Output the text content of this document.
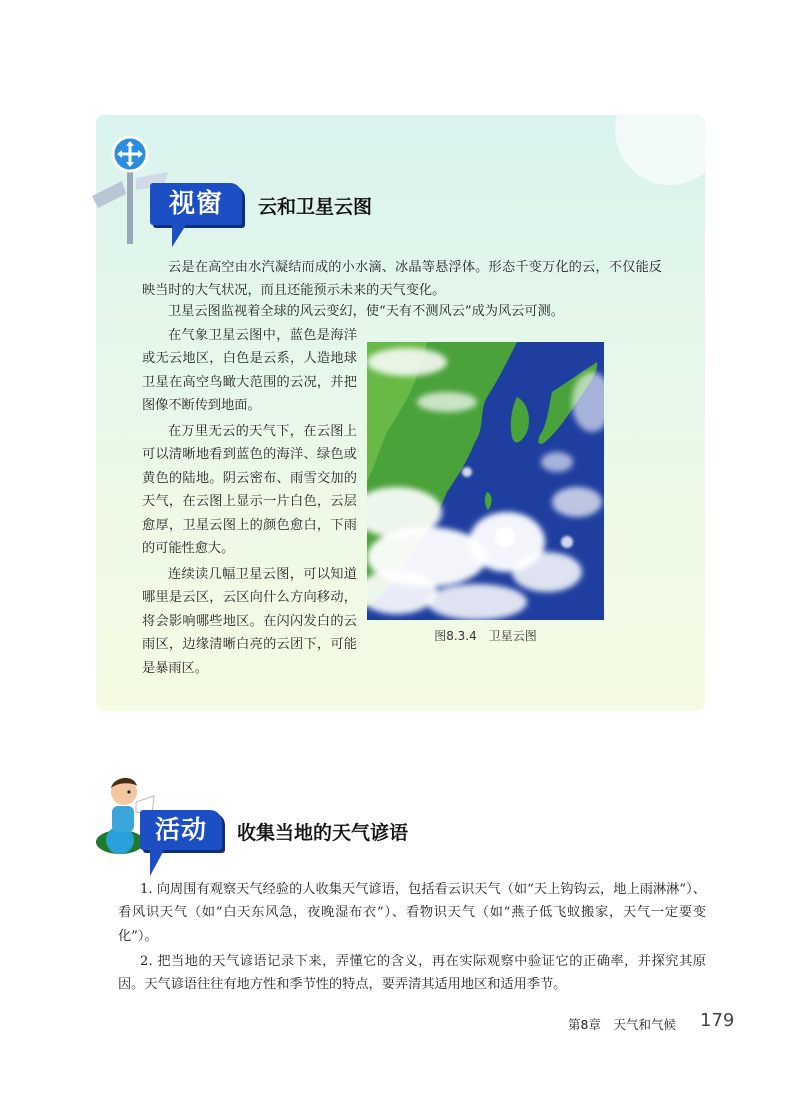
视窗	云和卫星云图

云是在高空由水汽凝结而成的小水滴、冰晶等悬浮体。形态千变万化的云，不仅能反映当时的大气状况，而且还能预示未来的天气变化。

卫星云图监视着全球的风云变幻，使“天有不测风云”成为风云可测。

在气象卫星云图中，蓝色是海洋或无云地区，白色是云系，人造地球卫星在高空鸟瞰大范围的云况，并把图像不断传到地面。

在万里无云的天气下，在云图上可以清晰地看到蓝色的海洋、绿色或黄色的陆地。阴云密布、雨雪交加的天气，在云图上显示一片白色，云层愈厚，卫星云图上的颜色愈白，下雨的可能性愈大。

连续读几幅卫星云图，可以知道哪里是云区，云区向什么方向移动，将会影响哪些地区。在闪闪发白的云雨区，边缘清晰白亮的云团下，可能是暴雨区。

图8.3.4　卫星云图
活动	收集当地的天气谚语

1. 向周围有观察天气经验的人收集天气谚语，包括看云识天气（如“天上钩钩云，地上雨淋淋”）、看风识天气（如“白天东风急，夜晚湿布衣”）、看物识天气（如“燕子低飞蚁搬家，天气一定要变化”）。

2. 把当地的天气谚语记录下来，弄懂它的含义，再在实际观察中验证它的正确率，并探究其原因。天气谚语往往有地方性和季节性的特点，要弄清其适用地区和适用季节。

第8章　天气和气候 179
